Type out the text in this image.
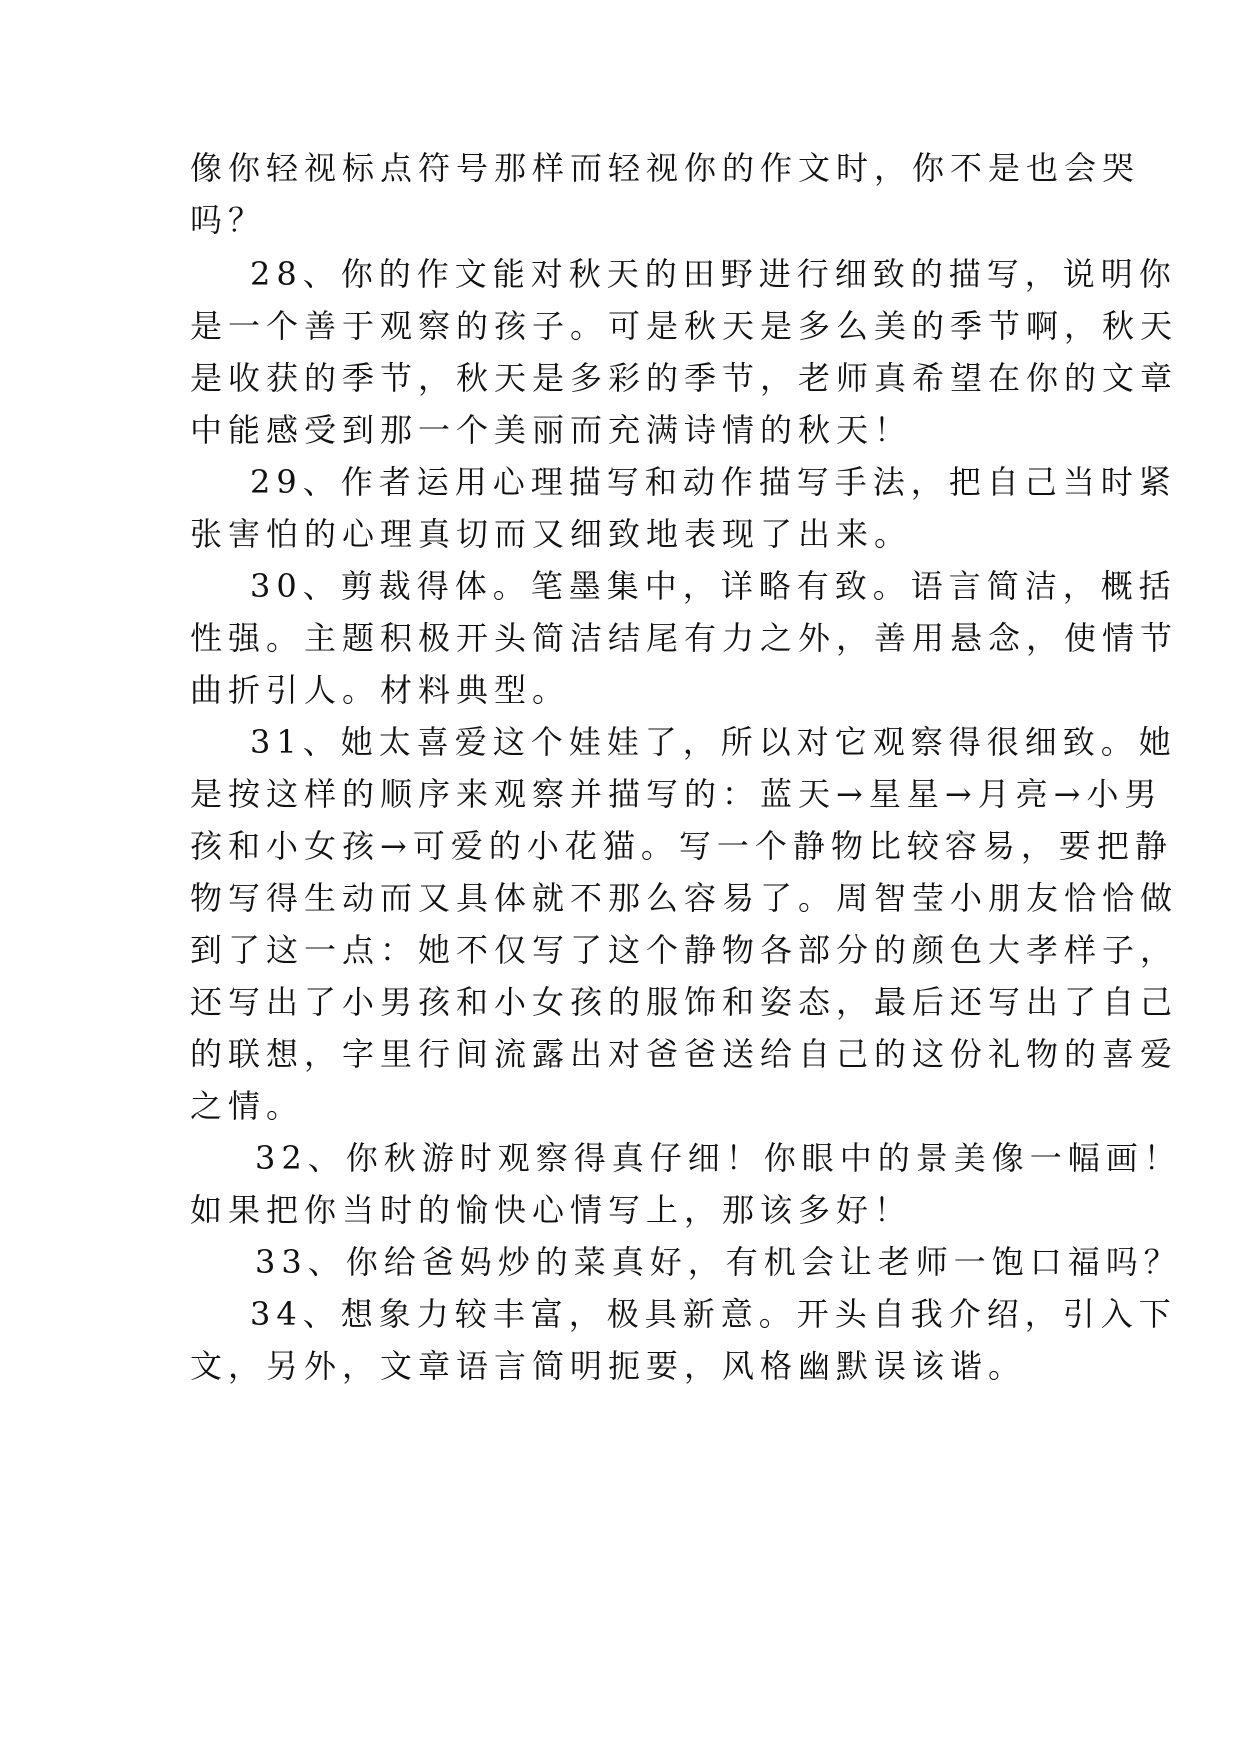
像你轻视标点符号那样而轻视你的作文时，你不是也会哭

吗？

28、你的作文能对秋天的田野进行细致的描写，说明你

是一个善于观察的孩子。可是秋天是多么美的季节啊，秋天

是收获的季节，秋天是多彩的季节，老师真希望在你的文章

中能感受到那一个美丽而充满诗情的秋天！

29、作者运用心理描写和动作描写手法，把自己当时紧

张害怕的心理真切而又细致地表现了出来。

30、剪裁得体。笔墨集中，详略有致。语言简洁，概括

性强。主题积极开头简洁结尾有力之外，善用悬念，使情节

曲折引人。材料典型。

31、她太喜爱这个娃娃了，所以对它观察得很细致。她

是按这样的顺序来观察并描写的：蓝天→星星→月亮→小男

孩和小女孩→可爱的小花猫。写一个静物比较容易，要把静

物写得生动而又具体就不那么容易了。周智莹小朋友恰恰做

到了这一点：她不仅写了这个静物各部分的颜色大孝样子，

还写出了小男孩和小女孩的服饰和姿态，最后还写出了自己

的联想，字里行间流露出对爸爸送给自己的这份礼物的喜爱

之情。

32、你秋游时观察得真仔细！你眼中的景美像一幅画！

如果把你当时的愉快心情写上，那该多好！

33、你给爸妈炒的菜真好，有机会让老师一饱口福吗？

34、想象力较丰富，极具新意。开头自我介绍，引入下

文，另外，文章语言简明扼要，风格幽默误该谐。
